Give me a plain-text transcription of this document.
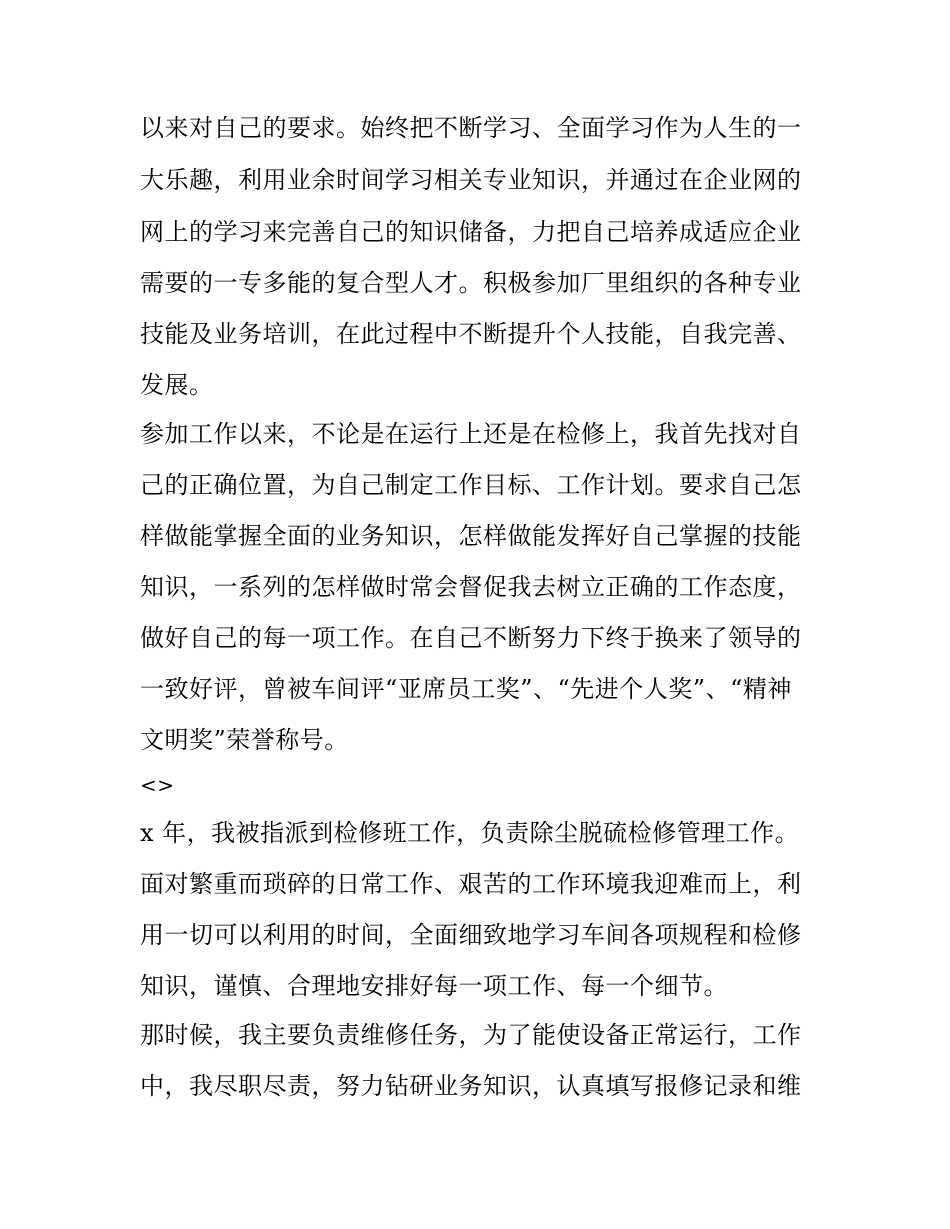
以来对自己的要求。始终把不断学习、全面学习作为人生的一
大乐趣，利用业余时间学习相关专业知识，并通过在企业网的
网上的学习来完善自己的知识储备，力把自己培养成适应企业
需要的一专多能的复合型人才。积极参加厂里组织的各种专业
技能及业务培训，在此过程中不断提升个人技能，自我完善、
发展。
参加工作以来，不论是在运行上还是在检修上，我首先找对自
己的正确位置，为自己制定工作目标、工作计划。要求自己怎
样做能掌握全面的业务知识，怎样做能发挥好自己掌握的技能
知识，一系列的怎样做时常会督促我去树立正确的工作态度，
做好自己的每一项工作。在自己不断努力下终于换来了领导的
一致好评，曾被车间评“亚席员工奖”、“先进个人奖”、“精神
文明奖”荣誉称号。
<>
x 年，我被指派到检修班工作，负责除尘脱硫检修管理工作。
面对繁重而琐碎的日常工作、艰苦的工作环境我迎难而上，利
用一切可以利用的时间，全面细致地学习车间各项规程和检修
知识，谨慎、合理地安排好每一项工作、每一个细节。
那时候，我主要负责维修任务，为了能使设备正常运行，工作
中，我尽职尽责，努力钻研业务知识，认真填写报修记录和维
